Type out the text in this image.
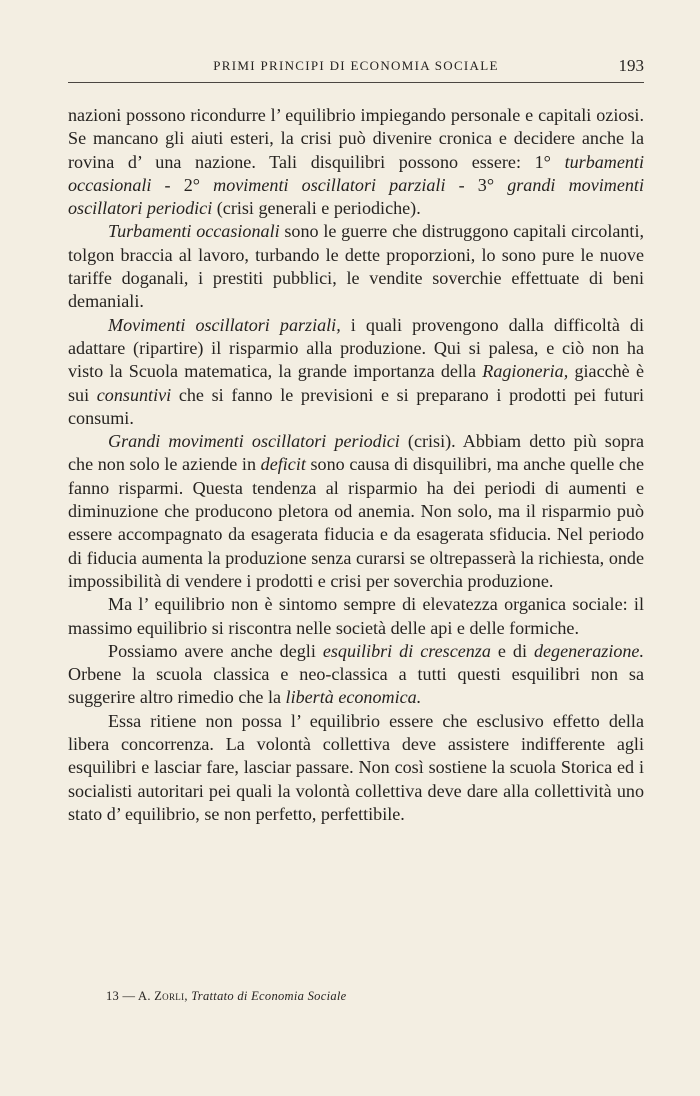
PRIMI PRINCIPI DI ECONOMIA SOCIALE	193

nazioni possono ricondurre l’ equilibrio impiegando personale e capitali oziosi. Se mancano gli aiuti esteri, la crisi può divenire cronica e decidere anche la rovina d’ una nazione. Tali disquilibri possono essere: 1° turbamenti occasionali - 2° movimenti oscillatori parziali - 3° grandi movimenti oscillatori periodici (crisi generali e periodiche).

Turbamenti occasionali sono le guerre che distruggono capitali circolanti, tolgon braccia al lavoro, turbando le dette proporzioni, lo sono pure le nuove tariffe doganali, i prestiti pubblici, le vendite soverchie effettuate di beni demaniali.

Movimenti oscillatori parziali, i quali provengono dalla difficoltà di adattare (ripartire) il risparmio alla produzione. Qui si palesa, e ciò non ha visto la Scuola matematica, la grande importanza della Ragioneria, giacchè è sui consuntivi che si fanno le previsioni e si preparano i prodotti pei futuri consumi.

Grandi movimenti oscillatori periodici (crisi). Abbiam detto più sopra che non solo le aziende in deficit sono causa di disquilibri, ma anche quelle che fanno risparmi. Questa tendenza al risparmio ha dei periodi di aumenti e diminuzione che producono pletora od anemia. Non solo, ma il risparmio può essere accompagnato da esagerata fiducia e da esagerata sfiducia. Nel periodo di fiducia aumenta la produzione senza curarsi se oltrepasserà la richiesta, onde impossibilità di vendere i prodotti e crisi per soverchia produzione.

Ma l’ equilibrio non è sintomo sempre di elevatezza organica sociale: il massimo equilibrio si riscontra nelle società delle api e delle formiche.

Possiamo avere anche degli esquilibri di crescenza e di degenerazione. Orbene la scuola classica e neo-classica a tutti questi esquilibri non sa suggerire altro rimedio che la libertà economica.

Essa ritiene non possa l’ equilibrio essere che esclusivo effetto della libera concorrenza. La volontà collettiva deve assistere indifferente agli esquilibri e lasciar fare, lasciar passare. Non così sostiene la scuola Storica ed i socialisti autoritari pei quali la volontà collettiva deve dare alla collettività uno stato d’ equilibrio, se non perfetto, perfettibile.

13 — A. Zorli, Trattato di Economia Sociale
